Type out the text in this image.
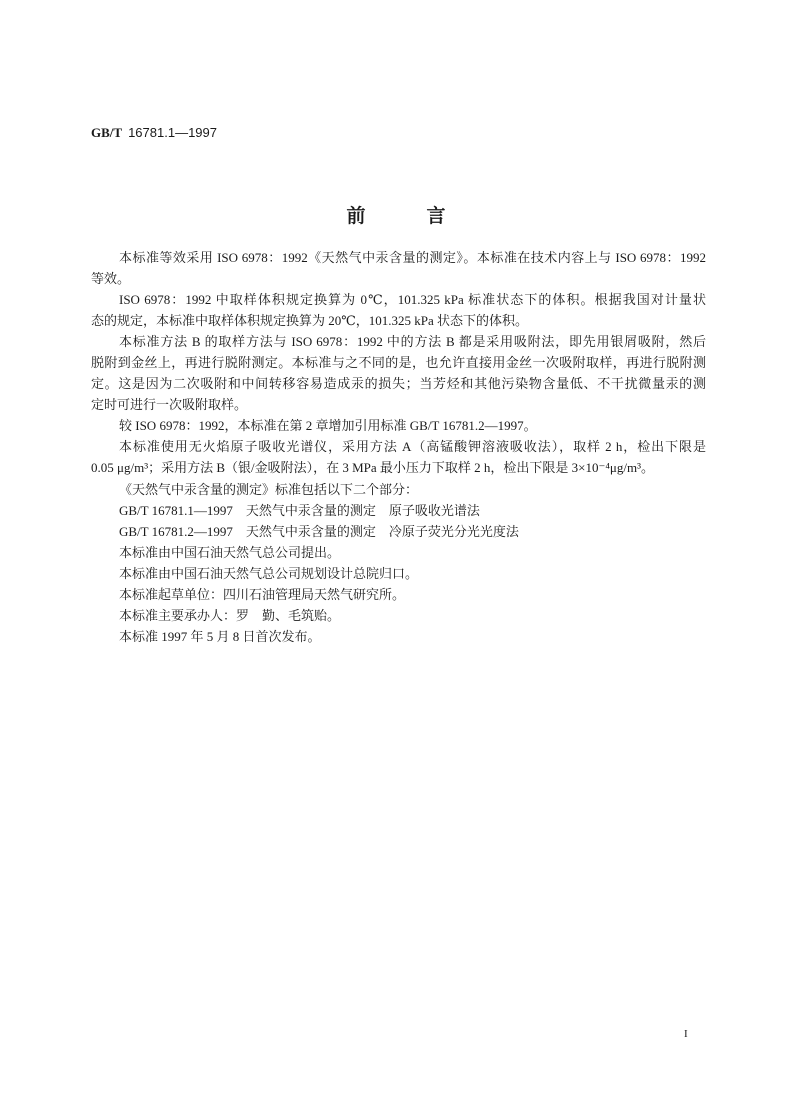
GB/T 16781.1—1997
前言
本标准等效采用 ISO 6978：1992《天然气中汞含量的测定》。本标准在技术内容上与 ISO 6978：1992
等效。
ISO 6978：1992 中取样体积规定换算为 0℃，101.325 kPa 标准状态下的体积。根据我国对计量状
态的规定，本标准中取样体积规定换算为 20℃，101.325 kPa 状态下的体积。
本标准方法 B 的取样方法与 ISO 6978：1992 中的方法 B 都是采用吸附法，即先用银屑吸附，然后
脱附到金丝上，再进行脱附测定。本标准与之不同的是，也允许直接用金丝一次吸附取样，再进行脱附测
定。这是因为二次吸附和中间转移容易造成汞的损失；当芳烃和其他污染物含量低、不干扰微量汞的测
定时可进行一次吸附取样。
较 ISO 6978：1992，本标准在第 2 章增加引用标准 GB/T 16781.2—1997。
本标准使用无火焰原子吸收光谱仪，采用方法 A（高锰酸钾溶液吸收法），取样 2 h，检出下限是
0.05 μg/m³；采用方法 B（银/金吸附法），在 3 MPa 最小压力下取样 2 h，检出下限是 3×10⁻⁴μg/m³。
《天然气中汞含量的测定》标准包括以下二个部分：
GB/T 16781.1—1997　天然气中汞含量的测定　原子吸收光谱法
GB/T 16781.2—1997　天然气中汞含量的测定　冷原子荧光分光光度法
本标准由中国石油天然气总公司提出。
本标准由中国石油天然气总公司规划设计总院归口。
本标准起草单位：四川石油管理局天然气研究所。
本标准主要承办人：罗　勤、毛筑贻。
本标准 1997 年 5 月 8 日首次发布。
I
